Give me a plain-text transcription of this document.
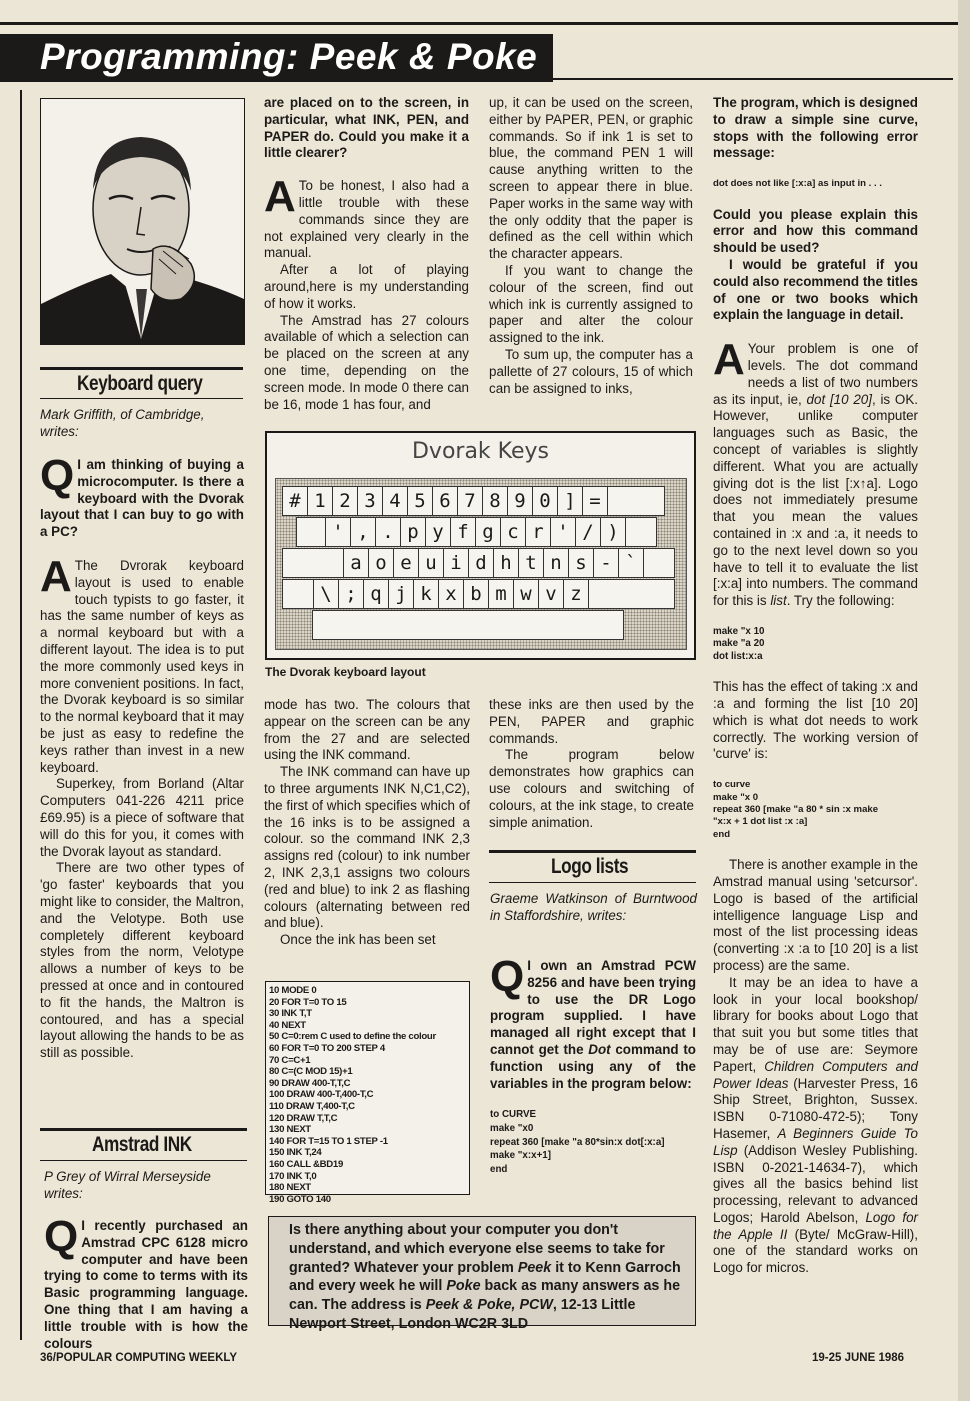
Programming: Peek & Poke
Keyboard query
Mark Griffith, of Cambridge, writes:

Q I am thinking of buying a microcomputer. Is there a keyboard with the Dvorak layout that I can buy to go with a PC?

A The Dvrorak keyboard layout is used to enable touch typists to go faster, it has the same number of keys as a normal keyboard but with a different layout. The idea is to put the more commonly used keys in more convenient positions. In fact, the Dvorak keyboard is so similar to the normal keyboard that it may be just as easy to redefine the keys rather than invest in a new keyboard.

Superkey, from Borland (Altar Computers 041-226 4211 price £69.95) is a piece of software that will do this for you, it comes with the Dvorak layout as standard.

There are two other types of 'go faster' keyboards that you might like to consider, the Maltron, and the Velotype. Both use completely different keyboard styles from the norm, Velotype allows a number of keys to be pressed at once and in contoured to fit the hands, the Maltron is contoured, and has a special layout allowing the hands to be as still as possible.

Amstrad INK
P Grey of Wirral Merseyside writes:

Q I recently purchased an Amstrad CPC 6128 micro computer and have been trying to come to terms with its Basic programming language. One thing that I am having a little trouble with is how the colours

are placed on to the screen, in particular, what INK, PEN, and PAPER do. Could you make it a little clearer?

A To be honest, I also had a little trouble with these commands since they are not explained very clearly in the manual.

After a lot of playing around,here is my understanding of how it works.

The Amstrad has 27 colours available of which a selection can be placed on the screen at any one time, depending on the screen mode. In mode 0 there can be 16, mode 1 has four, and

up, it can be used on the screen, either by PAPER, PEN, or graphic commands. So if ink 1 is set to blue, the command PEN 1 will cause anything written to the screen to appear there in blue. Paper works in the same way with the only oddity that the paper is defined as the cell within which the character appears.

If you want to change the colour of the screen, find out which ink is currently assigned to paper and alter the colour assigned to the ink.

To sum up, the computer has a pallette of 27 colours, 15 of which can be assigned to inks,

Dvorak Keys
# 1 2 3 4 5 6 7 8 9 0 ] =
' , . p y f g c r ' / )
a o e u i d h t n s - `
\ ; q j k x b m w v z
The Dvorak keyboard layout

mode has two. The colours that appear on the screen can be any from the 27 and are selected using the INK command.

The INK command can have up to three arguments INK N,C1,C2), the first of which specifies which of the 16 inks is to be assigned a colour. so the command INK 2,3 assigns red (colour) to ink number 2, INK 2,3,1 assigns two colours (red and blue) to ink 2 as flashing colours (alternating between red and blue).

Once the ink has been set

10 MODE 0
20 FOR T=0 TO 15
30 INK T,T
40 NEXT
50 C=0:rem C used to define the colour
60 FOR T=0 TO 200 STEP 4
70 C=C+1
80 C=(C MOD 15)+1
90 DRAW 400-T,T,C
100 DRAW 400-T,400-T,C
110 DRAW T,400-T,C
120 DRAW T,T,C
130 NEXT
140 FOR T=15 TO 1 STEP -1
150 INK T,24
160 CALL &BD19
170 INK T,0
180 NEXT
190 GOTO 140

these inks are then used by the PEN, PAPER and graphic commands.

The program below demonstrates how graphics can use colours and switching of colours, at the ink stage, to create simple animation.

Logo lists
Graeme Watkinson of Burntwood in Staffordshire, writes:

Q I own an Amstrad PCW 8256 and have been trying to use the DR Logo program supplied. I have managed all right except that I cannot get the Dot command to function using any of the variables in the program below:

to CURVE
make "x0
repeat 360 [make "a 80*sin:x dot[:x:a]
make "x:x+1]
end
Is there anything about your computer you don't understand, and which everyone else seems to take for granted? Whatever your problem Peek it to Kenn Garroch and every week he will Poke back as many answers as he can. The address is Peek & Poke, PCW, 12-13 Little Newport Street, London WC2R 3LD

The program, which is designed to draw a simple sine curve, stops with the following error message:

dot does not like [:x:a] as input in . . .

Could you please explain this error and how this command should be used?

I would be grateful if you could also recommend the titles of one or two books which explain the language in detail.

A Your problem is one of levels. The dot command needs a list of two numbers as its input, ie, dot [10 20], is OK. However, unlike computer languages such as Basic, the concept of variables is slightly different. What you are actually giving dot is the list [:x↑a]. Logo does not immediately presume that you mean the values contained in :x and :a, it needs to go to the next level down so you have to tell it to evaluate the list [:x:a] into numbers. The command for this is list. Try the following:

make "x 10
make "a 20
dot list:x:a

This has the effect of taking :x and :a and forming the list [10 20] which is what dot needs to work correctly. The working version of 'curve' is:

to curve
make "x 0
repeat 360 [make "a 80 * sin :x make
"x:x + 1 dot list :x :a]
end

There is another example in the Amstrad manual using 'setcursor'. Logo is based of the artificial intelligence language Lisp and most of the list processing ideas (converting :x :a to [10 20] is a list process) are the same.

It may be an idea to have a look in your local bookshop/ library for books about Logo that that suit you but some titles that may be of use are: Seymore Papert, Children Computers and Power Ideas (Harvester Press, 16 Ship Street, Brighton, Sussex. ISBN 0-71080-472-5); Tony Hasemer, A Beginners Guide To Lisp (Addison Wesley Publishing. ISBN 0-2021-14634-7), which gives all the basics behind list processing, relevant to advanced Logos; Harold Abelson, Logo for the Apple II (Byte/ McGraw-Hill), one of the standard works on Logo for micros.

36/POPULAR COMPUTING WEEKLY	19-25 JUNE 1986
